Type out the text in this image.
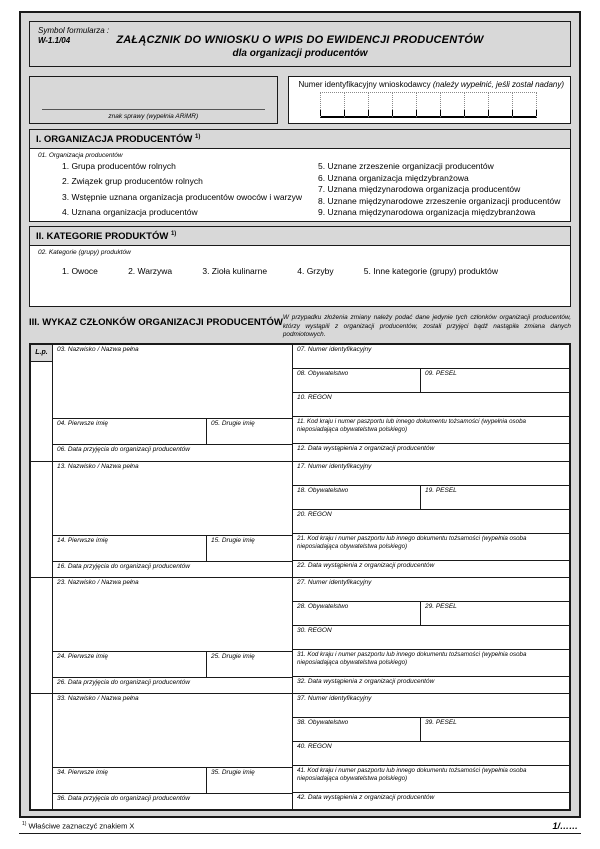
Symbol formularza :
W-1.1/04	ZAŁĄCZNIK DO WNIOSKU O WPIS DO EWIDENCJI PRODUCENTÓW
dla organizacji producentów
znak sprawy (wypełnia ARiMR)
Numer identyfikacyjny wnioskodawcy (należy wypełnić, jeśli został nadany)
I. ORGANIZACJA PRODUCENTÓW $^{1)}$
01. Organizacja producentów
1. Grupa producentów rolnych
2. Związek grup producentów rolnych
3. Wstępnie uznana organizacja producentów owoców i warzyw
4. Uznana organizacja producentów
5. Uznane zrzeszenie organizacji producentów
6. Uznana organizacja międzybranżowa
7. Uznana międzynarodowa organizacja producentów
8. Uznane międzynarodowe zrzeszenie organizacji producentów
9. Uznana międzynarodowa organizacja międzybranżowa
II. KATEGORIE PRODUKTÓW $^{1)}$
02. Kategorie (grupy) produktów
1. Owoce	2. Warzywa	3. Zioła kulinarne	4. Grzyby	5. Inne kategorie (grupy) produktów
III. WYKAZ CZŁONKÓW ORGANIZACJI PRODUCENTÓW W przypadku złożenia zmiany należy podać dane jedynie tych członków organizacji producentów, którzy wystąpili z organizacji producentów, zostali przyjęci bądź nastąpiła zmiana danych podmiotowych.
L.p.	03. Nazwisko / Nazwa pełna
04. Pierwsze imię	05. Drugie imię
06. Data przyjęcia do organizacji producentów
07. Numer identyfikacyjny
08. Obywatelstwo	09. PESEL
10. REGON
11. Kod kraju i numer paszportu lub innego dokumentu tożsamości (wypełnia osoba nieposiadająca obywatelstwa polskiego)
12. Data wystąpienia z organizacji producentów
13. Nazwisko / Nazwa pełna
14. Pierwsze imię	15. Drugie imię
16. Data przyjęcia do organizacji producentów
17. Numer identyfikacyjny
18. Obywatelstwo	19. PESEL
20. REGON
21. Kod kraju i numer paszportu lub innego dokumentu tożsamości (wypełnia osoba nieposiadająca obywatelstwa polskiego)
22. Data wystąpienia z organizacji producentów
23. Nazwisko / Nazwa pełna
24. Pierwsze imię	25. Drugie imię
26. Data przyjęcia do organizacji producentów
27. Numer identyfikacyjny
28. Obywatelstwo	29. PESEL
30. REGON
31. Kod kraju i numer paszportu lub innego dokumentu tożsamości (wypełnia osoba nieposiadająca obywatelstwa polskiego)
32. Data wystąpienia z organizacji producentów
33. Nazwisko / Nazwa pełna
34. Pierwsze imię	35. Drugie imię
36. Data przyjęcia do organizacji producentów
37. Numer identyfikacyjny
38. Obywatelstwo	39. PESEL
40. REGON
41. Kod kraju i numer paszportu lub innego dokumentu tożsamości (wypełnia osoba nieposiadająca obywatelstwa polskiego)
42. Data wystąpienia z organizacji producentów
$^{1)}$ Właściwe zaznaczyć znakiem X	1/……
